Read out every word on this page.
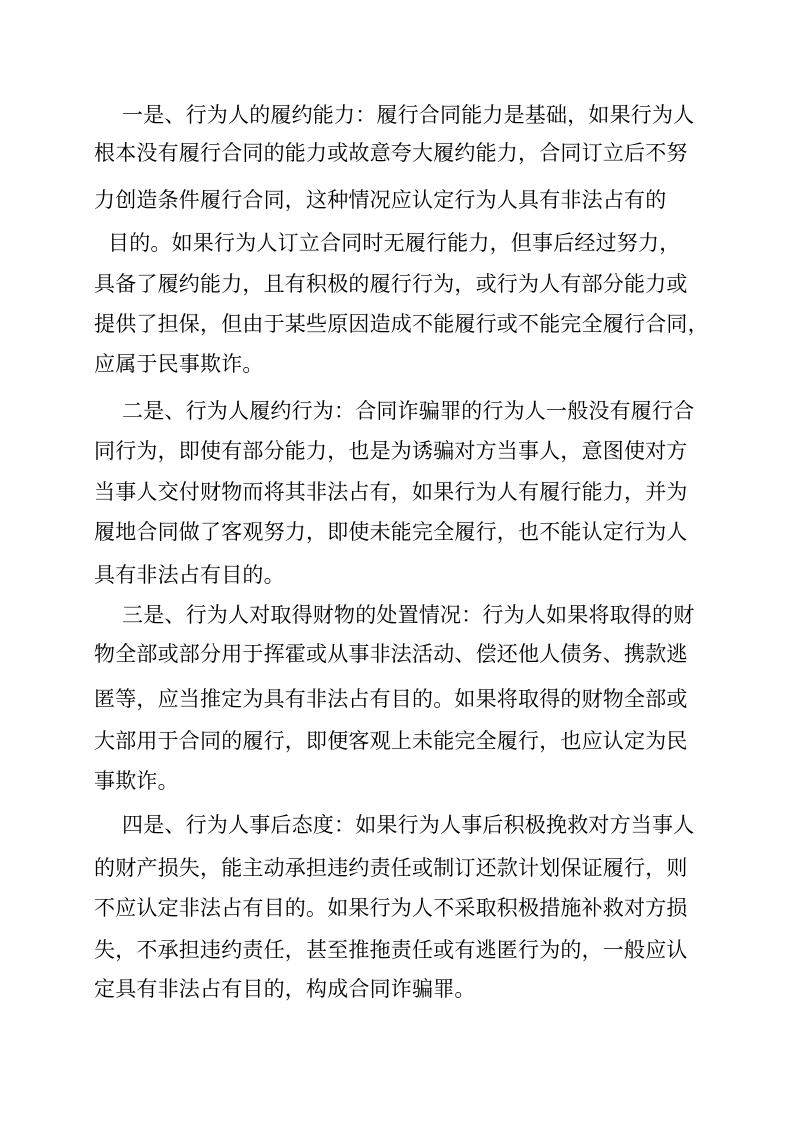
一是、行为人的履约能力：履行合同能力是基础，如果行为人
根本没有履行合同的能力或故意夸大履约能力，合同订立后不努
力创造条件履行合同，这种情况应认定行为人具有非法占有的
目的。如果行为人订立合同时无履行能力，但事后经过努力，
具备了履约能力，且有积极的履行行为，或行为人有部分能力或
提供了担保，但由于某些原因造成不能履行或不能完全履行合同，
应属于民事欺诈。
二是、行为人履约行为：合同诈骗罪的行为人一般没有履行合
同行为，即使有部分能力，也是为诱骗对方当事人，意图使对方
当事人交付财物而将其非法占有，如果行为人有履行能力，并为
履地合同做了客观努力，即使未能完全履行，也不能认定行为人
具有非法占有目的。
三是、行为人对取得财物的处置情况：行为人如果将取得的财
物全部或部分用于挥霍或从事非法活动、偿还他人债务、携款逃
匿等，应当推定为具有非法占有目的。如果将取得的财物全部或
大部用于合同的履行，即便客观上未能完全履行，也应认定为民
事欺诈。
四是、行为人事后态度：如果行为人事后积极挽救对方当事人
的财产损失，能主动承担违约责任或制订还款计划保证履行，则
不应认定非法占有目的。如果行为人不采取积极措施补救对方损
失，不承担违约责任，甚至推拖责任或有逃匿行为的，一般应认
定具有非法占有目的，构成合同诈骗罪。
